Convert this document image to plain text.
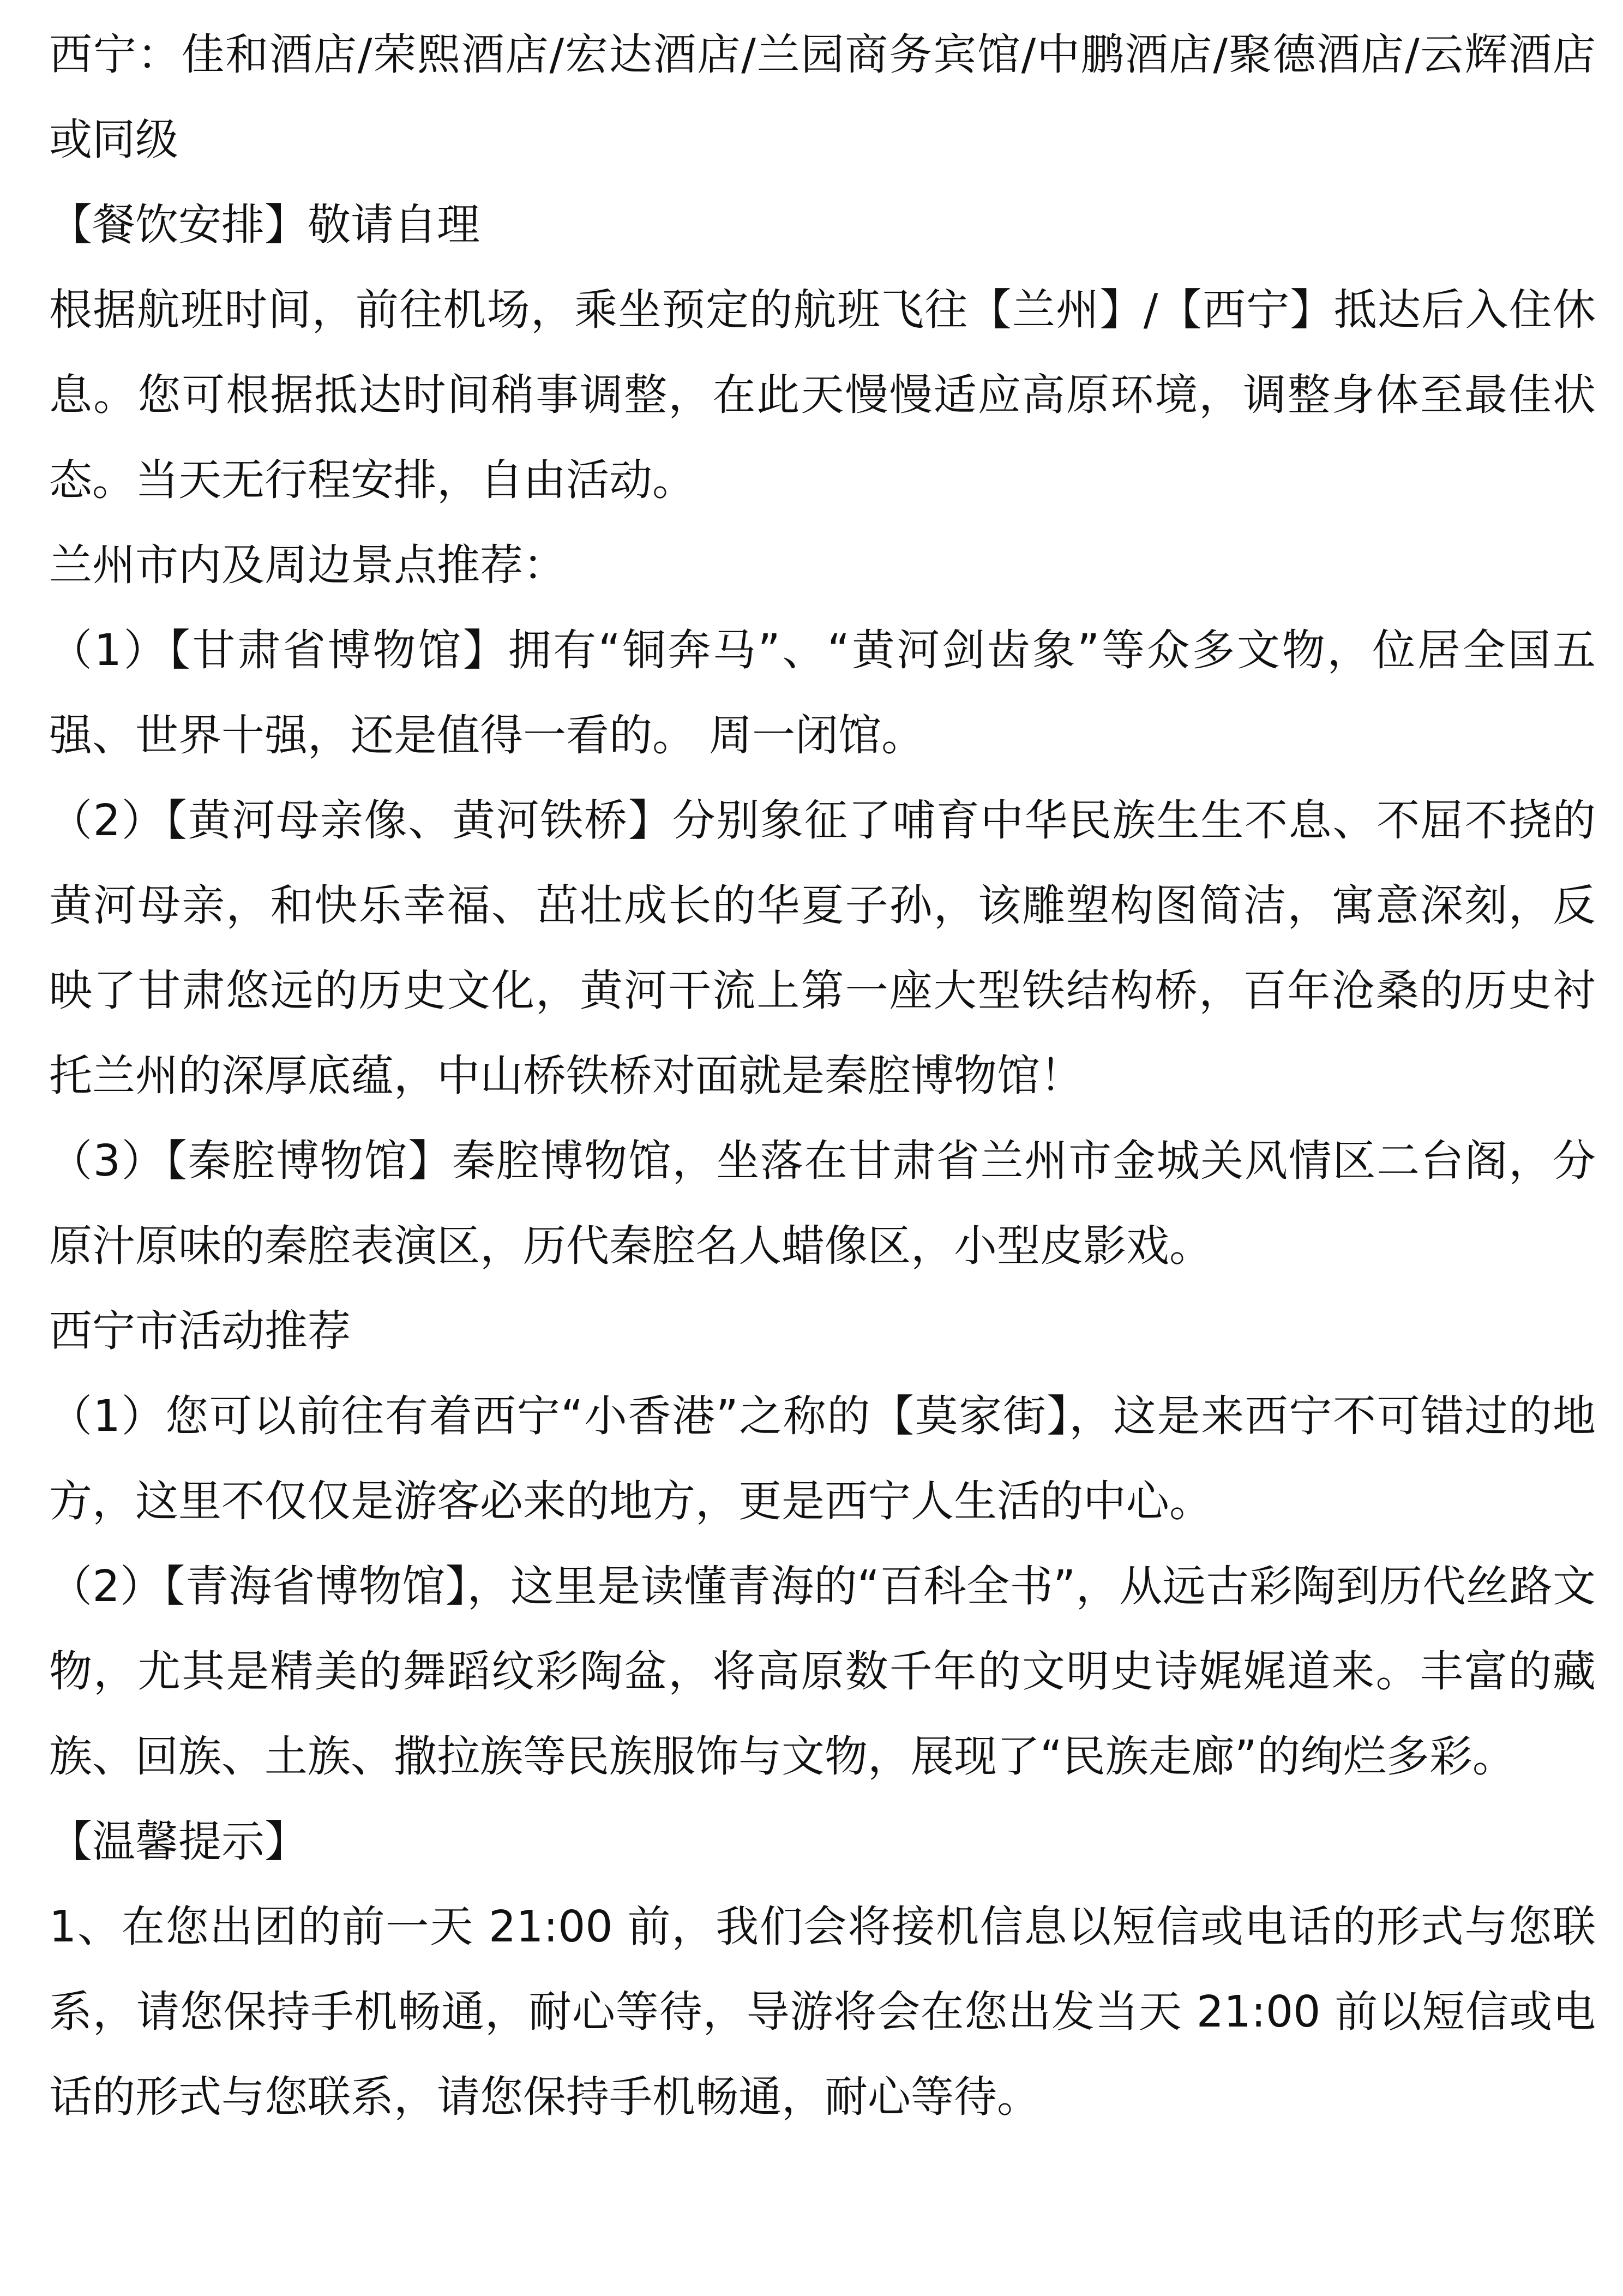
西宁：佳和酒店/荣熙酒店/宏达酒店/兰园商务宾馆/中鹏酒店/聚德酒店/云辉酒店或同级

【餐饮安排】敬请自理

根据航班时间，前往机场，乘坐预定的航班飞往【兰州】/【西宁】抵达后入住休息。您可根据抵达时间稍事调整，在此天慢慢适应高原环境，调整身体至最佳状态。当天无行程安排，自由活动。

兰州市内及周边景点推荐：

（1）【甘肃省博物馆】拥有“铜奔马”、“黄河剑齿象”等众多文物，位居全国五强、世界十强，还是值得一看的。 周一闭馆。

（2）【黄河母亲像、黄河铁桥】分别象征了哺育中华民族生生不息、不屈不挠的黄河母亲，和快乐幸福、茁壮成长的华夏子孙，该雕塑构图简洁，寓意深刻，反映了甘肃悠远的历史文化，黄河干流上第一座大型铁结构桥，百年沧桑的历史衬托兰州的深厚底蕴，中山桥铁桥对面就是秦腔博物馆！

（3）【秦腔博物馆】秦腔博物馆，坐落在甘肃省兰州市金城关风情区二台阁，分原汁原味的秦腔表演区，历代秦腔名人蜡像区，小型皮影戏。

西宁市活动推荐

（1）您可以前往有着西宁“小香港”之称的【莫家街】，这是来西宁不可错过的地方，这里不仅仅是游客必来的地方，更是西宁人生活的中心。

（2）【青海省博物馆】，这里是读懂青海的“百科全书”，从远古彩陶到历代丝路文物，尤其是精美的舞蹈纹彩陶盆，将高原数千年的文明史诗娓娓道来。丰富的藏族、回族、土族、撒拉族等民族服饰与文物，展现了“民族走廊”的绚烂多彩。

【温馨提示】

1、在您出团的前一天 21:00 前，我们会将接机信息以短信或电话的形式与您联系，请您保持手机畅通，耐心等待，导游将会在您出发当天 21:00 前以短信或电话的形式与您联系，请您保持手机畅通，耐心等待。
